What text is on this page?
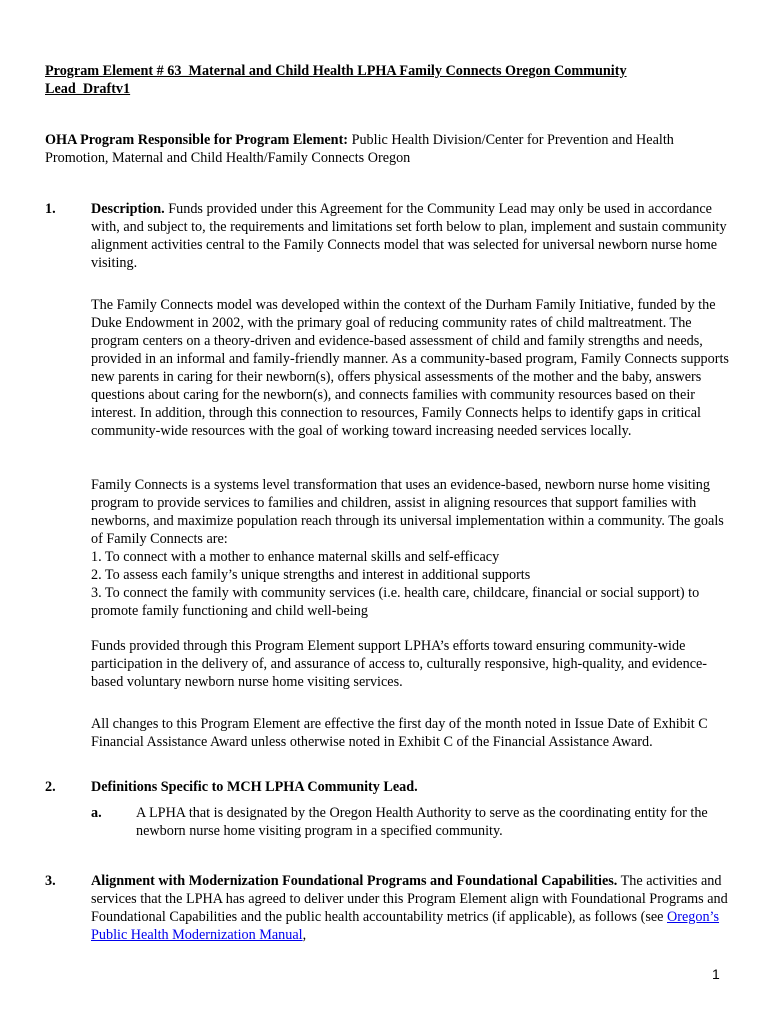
Program Element # 63_Maternal and Child Health LPHA Family Connects Oregon Community Lead_Draftv1
OHA Program Responsible for Program Element: Public Health Division/Center for Prevention and Health Promotion, Maternal and Child Health/Family Connects Oregon
1. Description. Funds provided under this Agreement for the Community Lead may only be used in accordance with, and subject to, the requirements and limitations set forth below to plan, implement and sustain community alignment activities central to the Family Connects model that was selected for universal newborn nurse home visiting.
The Family Connects model was developed within the context of the Durham Family Initiative, funded by the Duke Endowment in 2002, with the primary goal of reducing community rates of child maltreatment. The program centers on a theory-driven and evidence-based assessment of child and family strengths and needs, provided in an informal and family-friendly manner. As a community-based program, Family Connects supports new parents in caring for their newborn(s), offers physical assessments of the mother and the baby, answers questions about caring for the newborn(s), and connects families with community resources based on their interest. In addition, through this connection to resources, Family Connects helps to identify gaps in critical community-wide resources with the goal of working toward increasing needed services locally.
Family Connects is a systems level transformation that uses an evidence-based, newborn nurse home visiting program to provide services to families and children, assist in aligning resources that support families with newborns, and maximize population reach through its universal implementation within a community. The goals of Family Connects are:
1. To connect with a mother to enhance maternal skills and self-efficacy
2. To assess each family’s unique strengths and interest in additional supports
3. To connect the family with community services (i.e. health care, childcare, financial or social support) to promote family functioning and child well-being
Funds provided through this Program Element support LPHA’s efforts toward ensuring community-wide participation in the delivery of, and assurance of access to, culturally responsive, high-quality, and evidence-based voluntary newborn nurse home visiting services.
All changes to this Program Element are effective the first day of the month noted in Issue Date of Exhibit C Financial Assistance Award unless otherwise noted in Exhibit C of the Financial Assistance Award.
2. Definitions Specific to MCH LPHA Community Lead.
a. A LPHA that is designated by the Oregon Health Authority to serve as the coordinating entity for the newborn nurse home visiting program in a specified community.
3. Alignment with Modernization Foundational Programs and Foundational Capabilities. The activities and services that the LPHA has agreed to deliver under this Program Element align with Foundational Programs and Foundational Capabilities and the public health accountability metrics (if applicable), as follows (see Oregon’s Public Health Modernization Manual,
1
